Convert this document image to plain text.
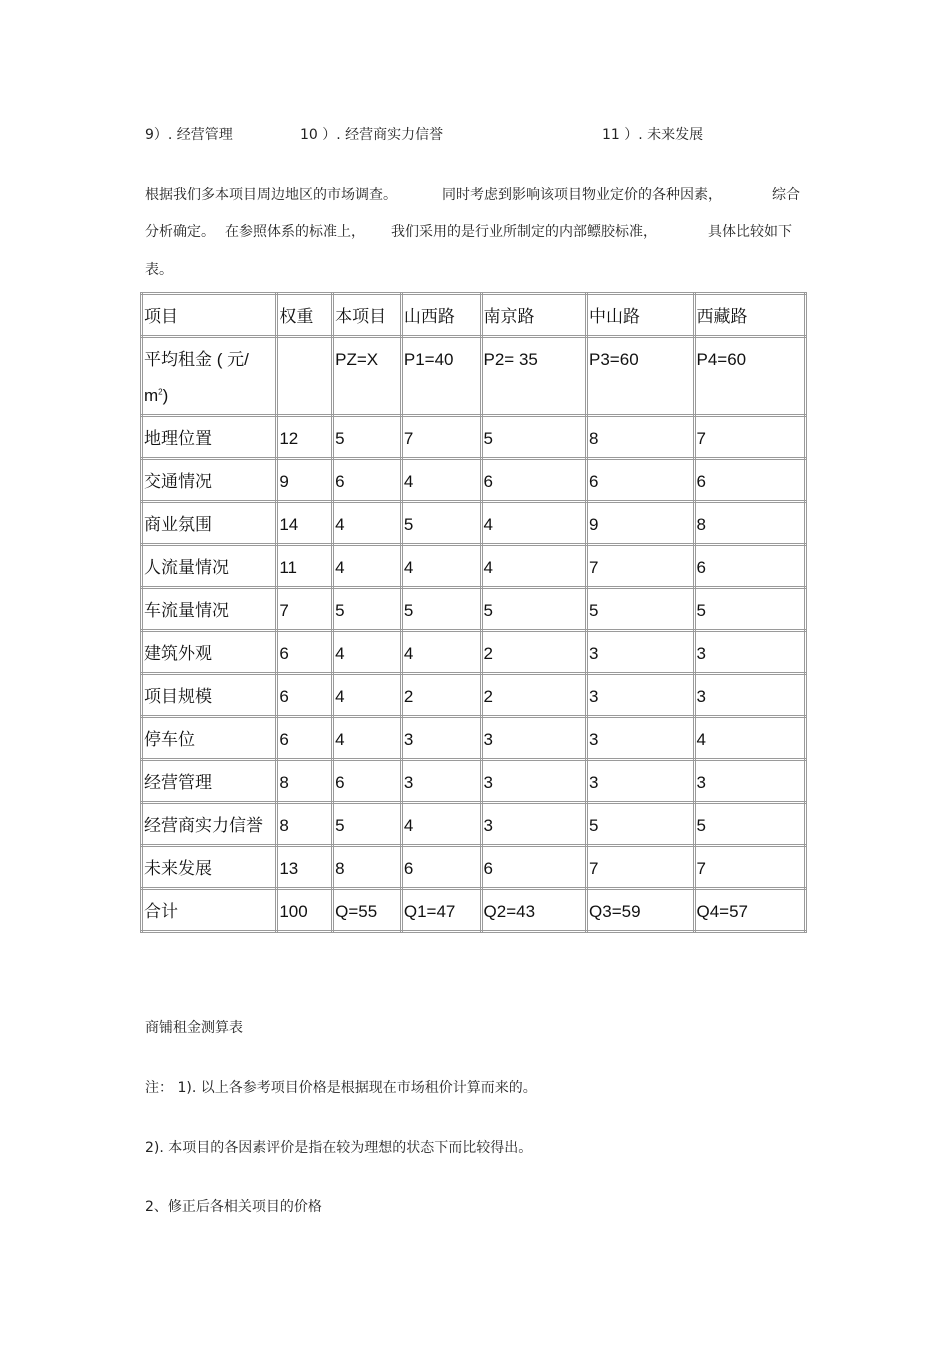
9）. 经营管理	10 ）. 经营商实力信誉	11 ）. 未来发展
根据我们多本项目周边地区的市场调查。	同时考虑到影响该项目物业定价的各种因素，	综合
分析确定。 在参照体系的标准上， 我们采用的是行业所制定的内部鳔胶标准，	具体比较如下
表。
项目	权重	本项目	山西路	南京路	中山路	西藏路
平均租金 ( 元/
$m^2$)		PZ=X	P1=40	P2= 35	P3=60	P4=60
地理位置	12	5	7	5	8	7
交通情况	9	6	4	6	6	6
商业氛围	14	4	5	4	9	8
人流量情况	11	4	4	4	7	6
车流量情况	7	5	5	5	5	5
建筑外观	6	4	4	2	3	3
项目规模	6	4	2	2	3	3
停车位	6	4	3	3	3	4
经营管理	8	6	3	3	3	3
经营商实力信誉	8	5	4	3	5	5
未来发展	13	8	6	6	7	7
合计	100	Q=55	Q1=47	Q2=43	Q3=59	Q4=57
商铺租金测算表
注： 1). 以上各参考项目价格是根据现在市场租价计算而来的。
2). 本项目的各因素评价是指在较为理想的状态下而比较得出。
2、修正后各相关项目的价格
